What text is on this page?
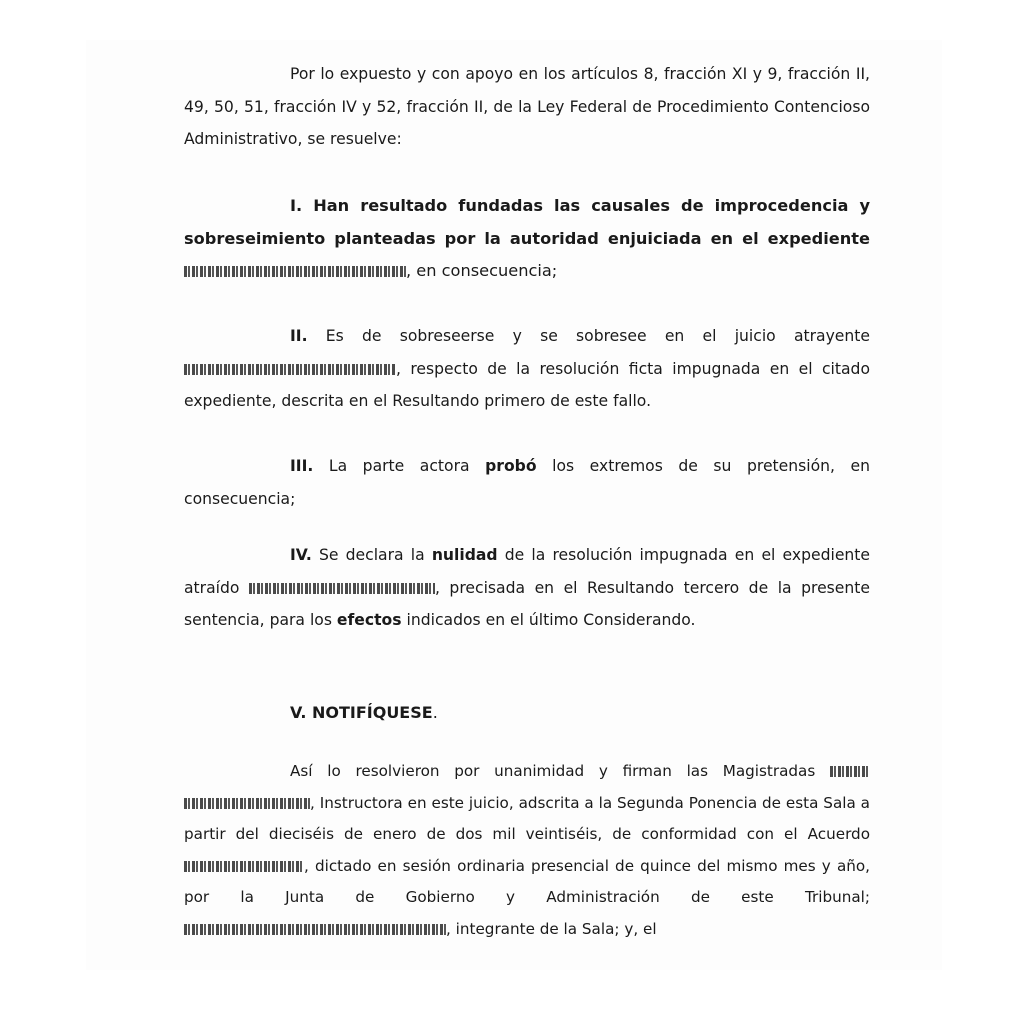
Por lo expuesto y con apoyo en los artículos 8, fracción XI y 9, fracción II, 49, 50, 51, fracción IV y 52, fracción II, de la Ley Federal de Procedimiento Contencioso Administrativo, se resuelve:

I. Han resultado fundadas las causales de improcedencia y sobreseimiento planteadas por la autoridad enjuiciada en el expediente , en consecuencia;

II. Es de sobreseerse y se sobresee en el juicio atrayente , respecto de la resolución ficta impugnada en el citado expediente, descrita en el Resultando primero de este fallo.

III. La parte actora probó los extremos de su pretensión, en consecuencia;

IV. Se declara la nulidad de la resolución impugnada en el expediente atraído	, precisada en el Resultando tercero de la presente sentencia, para los efectos indicados en el último Considerando.

V. NOTIFÍQUESE.

Así lo resolvieron por unanimidad y firman las Magistradas  , Instructora en este juicio, adscrita a la Segunda Ponencia de esta Sala a partir del dieciséis de enero de dos mil veintiséis, de conformidad con el Acuerdo , dictado en sesión ordinaria presencial de quince del mismo mes y año, por la Junta de Gobierno y Administración de este Tribunal; , integrante de la Sala; y, el
